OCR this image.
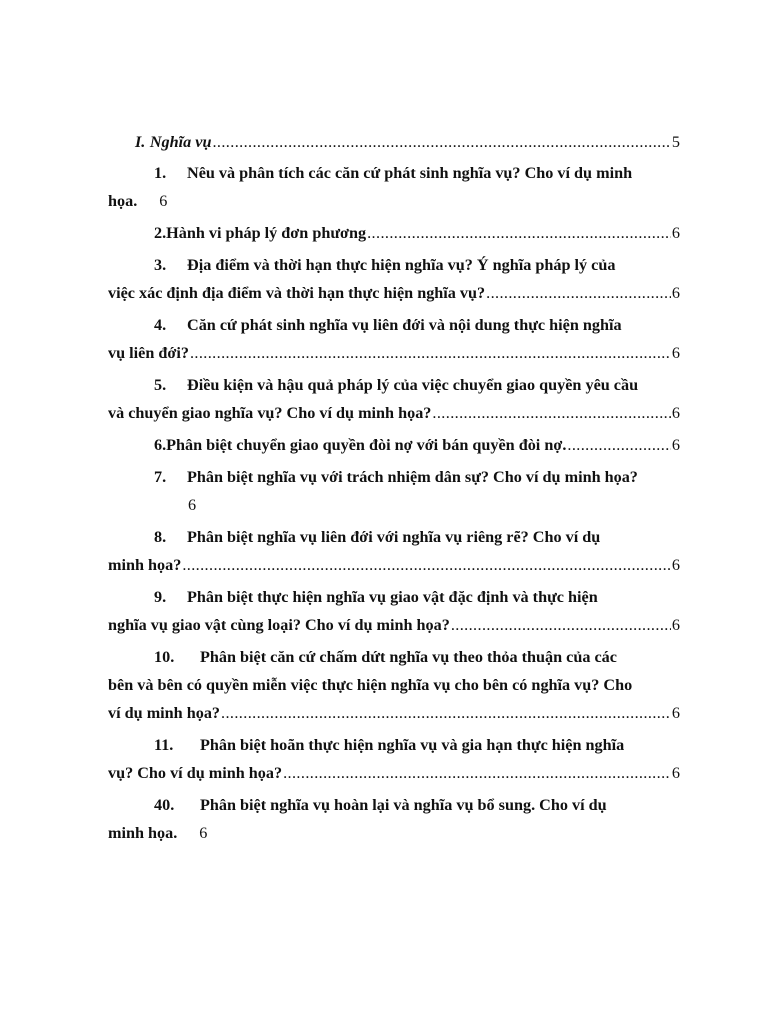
I. Nghĩa vụ .....	5
1.	Nêu và phân tích các căn cứ phát sinh nghĩa vụ? Cho ví dụ minh
họa. 6
2. Hành vi pháp lý đơn phương .....	6
3.	Địa điểm và thời hạn thực hiện nghĩa vụ? Ý nghĩa pháp lý của
việc xác định địa điểm và thời hạn thực hiện nghĩa vụ? .....	6
4.	Căn cứ phát sinh nghĩa vụ liên đới và nội dung thực hiện nghĩa
vụ liên đới? .....	6
5.	Điều kiện và hậu quả pháp lý của việc chuyển giao quyền yêu cầu
và chuyển giao nghĩa vụ? Cho ví dụ minh họa? .....	6
6. Phân biệt chuyển giao quyền đòi nợ với bán quyền đòi nợ. .....	6
7.	Phân biệt nghĩa vụ với trách nhiệm dân sự? Cho ví dụ minh họa?
6
8.	Phân biệt nghĩa vụ liên đới với nghĩa vụ riêng rẽ? Cho ví dụ
minh họa? .....	6
9.	Phân biệt thực hiện nghĩa vụ giao vật đặc định và thực hiện
nghĩa vụ giao vật cùng loại? Cho ví dụ minh họa? .....	6
10.	Phân biệt căn cứ chấm dứt nghĩa vụ theo thỏa thuận của các
bên và bên có quyền miễn việc thực hiện nghĩa vụ cho bên có nghĩa vụ? Cho
ví dụ minh họa? .....	6
11.	Phân biệt hoãn thực hiện nghĩa vụ và gia hạn thực hiện nghĩa
vụ? Cho ví dụ minh họa? .....	6
40.	Phân biệt nghĩa vụ hoàn lại và nghĩa vụ bổ sung. Cho ví dụ
minh họa. 6
